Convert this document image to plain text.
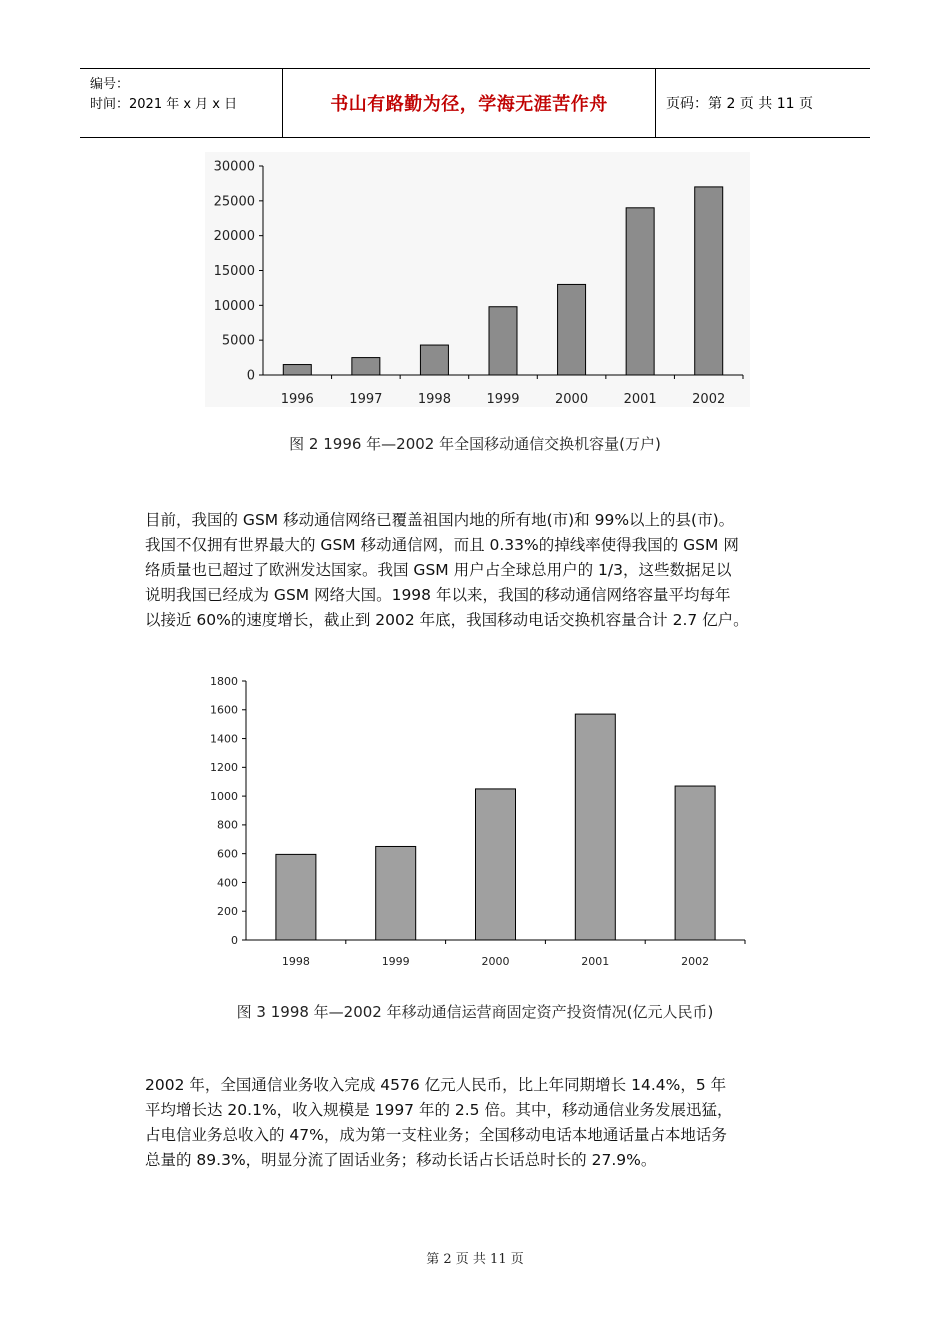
编号：
时间：2021 年 x 月 x 日	书山有路勤为径，学海无涯苦作舟	页码：第 2 页 共 11 页
0
5000
10000
15000
20000
25000
30000
1996	1997	1998	1999	2000	2001	2002
图 2 1996 年—2002 年全国移动通信交换机容量(万户)

目前，我国的 GSM 移动通信网络已覆盖祖国内地的所有地(市)和 99%以上的县(市)。
我国不仅拥有世界最大的 GSM 移动通信网，而且 0.33%的掉线率使得我国的 GSM 网
络质量也已超过了欧洲发达国家。我国 GSM 用户占全球总用户的 1/3，这些数据足以
说明我国已经成为 GSM 网络大国。1998 年以来，我国的移动通信网络容量平均每年
以接近 60%的速度增长，截止到 2002 年底，我国移动电话交换机容量合计 2.7 亿户。

0
200
400
600
800
1000
1200
1400
1600
1800
1998	1999	2000	2001	2002
图 3 1998 年—2002 年移动通信运营商固定资产投资情况(亿元人民币)

2002 年，全国通信业务收入完成 4576 亿元人民币，比上年同期增长 14.4%，5 年
平均增长达 20.1%，收入规模是 1997 年的 2.5 倍。其中，移动通信业务发展迅猛，
占电信业务总收入的 47%，成为第一支柱业务；全国移动电话本地通话量占本地话务
总量的 89.3%，明显分流了固话业务；移动长话占长话总时长的 27.9%。

第 2 页 共 11 页
